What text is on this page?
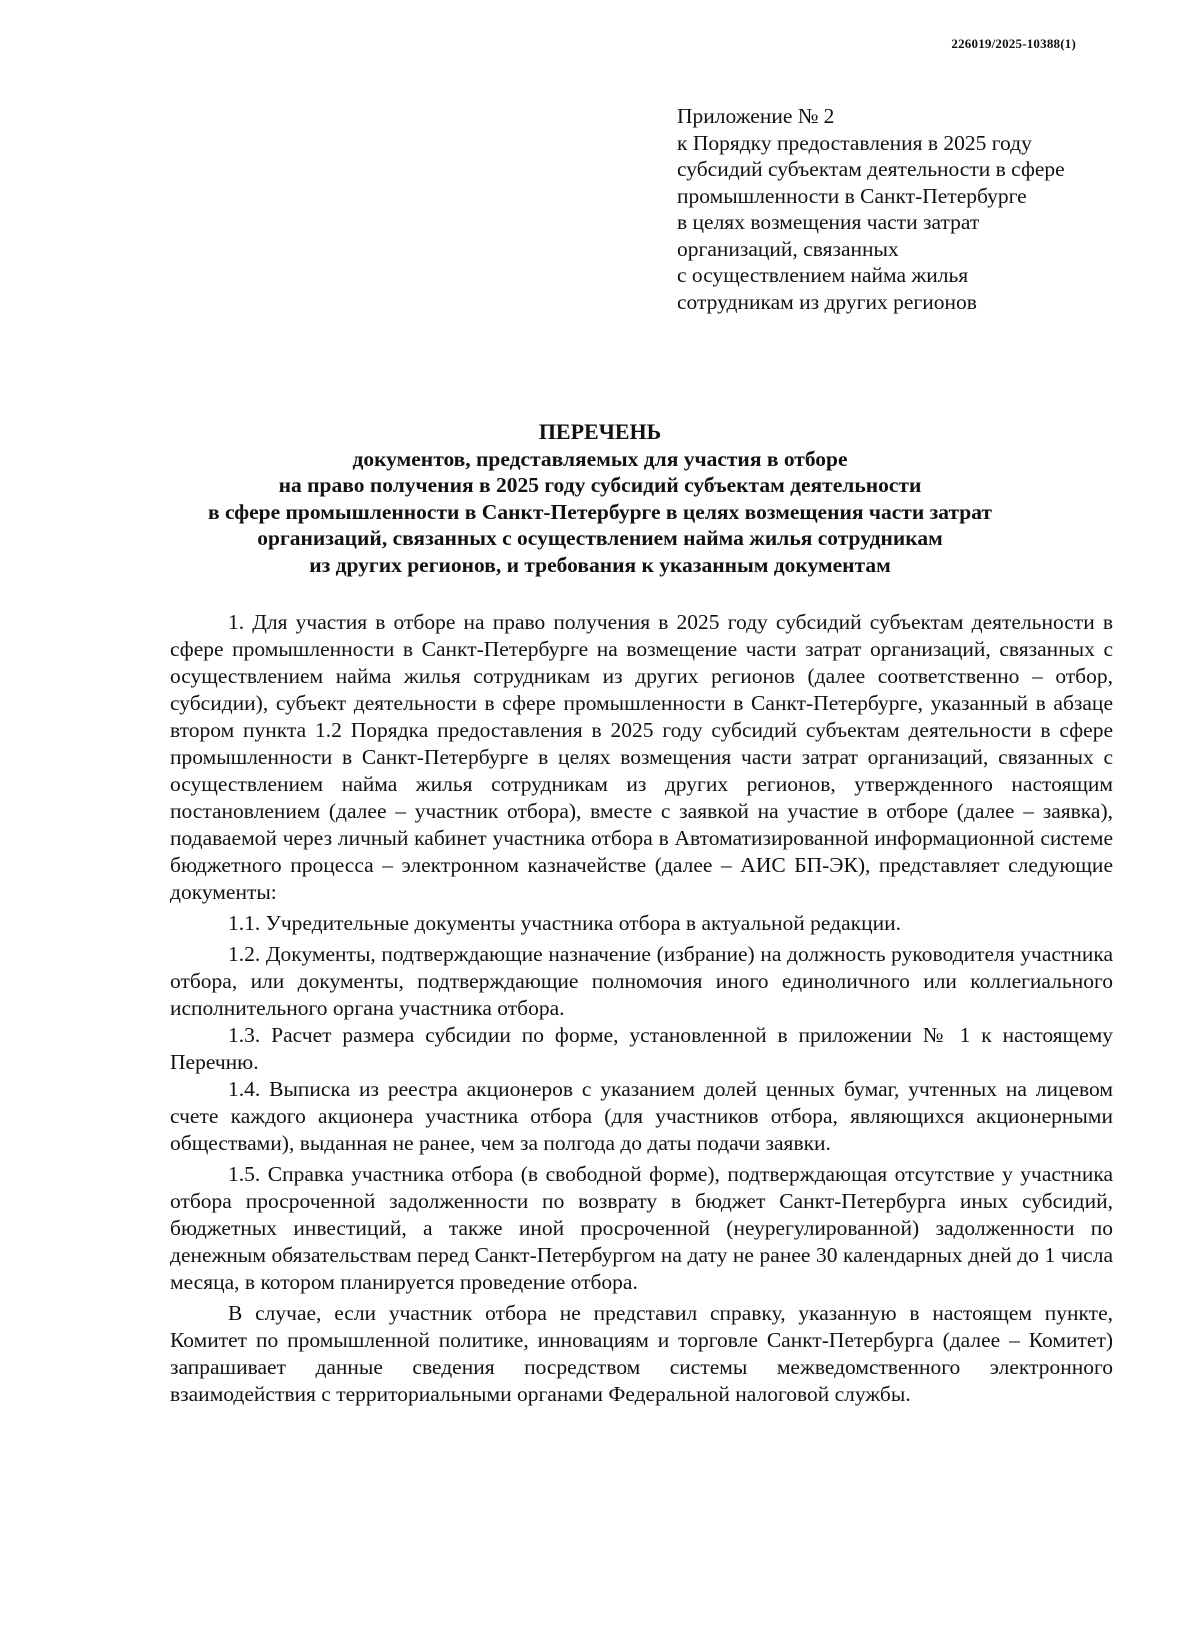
226019/2025-10388(1)
Приложение № 2
к Порядку предоставления в 2025 году
субсидий субъектам деятельности в сфере
промышленности в Санкт-Петербурге
в целях возмещения части затрат
организаций, связанных
с осуществлением найма жилья
сотрудникам из других регионов
ПЕРЕЧЕНЬ
документов, представляемых для участия в отборе
на право получения в 2025 году субсидий субъектам деятельности
в сфере промышленности в Санкт-Петербурге в целях возмещения части затрат
организаций, связанных с осуществлением найма жилья сотрудникам
из других регионов, и требования к указанным документам

1. Для участия в отборе на право получения в 2025 году субсидий субъектам деятельности в сфере промышленности в Санкт-Петербурге на возмещение части затрат организаций, связанных с осуществлением найма жилья сотрудникам из других регионов (далее соответственно – отбор, субсидии), субъект деятельности в сфере промышленности в Санкт-Петербурге, указанный в абзаце втором пункта 1.2 Порядка предоставления в 2025 году субсидий субъектам деятельности в сфере промышленности в Санкт-Петербурге в целях возмещения части затрат организаций, связанных с осуществлением найма жилья сотрудникам из других регионов, утвержденного настоящим постановлением (далее – участник отбора), вместе с заявкой на участие в отборе (далее – заявка), подаваемой через личный кабинет участника отбора в Автоматизированной информационной системе бюджетного процесса – электронном казначействе (далее – АИС БП-ЭК), представляет следующие документы:

1.1. Учредительные документы участника отбора в актуальной редакции.

1.2. Документы, подтверждающие назначение (избрание) на должность руководителя участника отбора, или документы, подтверждающие полномочия иного единоличного или коллегиального исполнительного органа участника отбора.

1.3. Расчет размера субсидии по форме, установленной в приложении № 1 к настоящему Перечню.

1.4. Выписка из реестра акционеров с указанием долей ценных бумаг, учтенных на лицевом счете каждого акционера участника отбора (для участников отбора, являющихся акционерными обществами), выданная не ранее, чем за полгода до даты подачи заявки.

1.5. Справка участника отбора (в свободной форме), подтверждающая отсутствие у участника отбора просроченной задолженности по возврату в бюджет Санкт-Петербурга иных субсидий, бюджетных инвестиций, а также иной просроченной (неурегулированной) задолженности по денежным обязательствам перед Санкт-Петербургом на дату не ранее 30 календарных дней до 1 числа месяца, в котором планируется проведение отбора.

В случае, если участник отбора не представил справку, указанную в настоящем пункте, Комитет по промышленной политике, инновациям и торговле Санкт-Петербурга (далее – Комитет) запрашивает данные сведения посредством системы межведомственного электронного взаимодействия с территориальными органами Федеральной налоговой службы.
